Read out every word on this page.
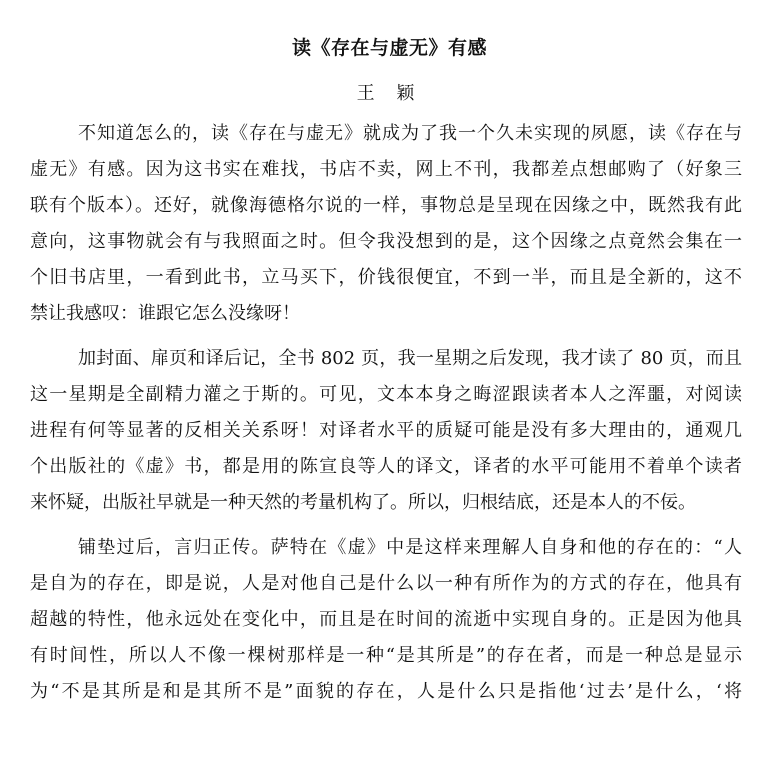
读《存在与虚无》有感
王 颖
不知道怎么的，读《存在与虚无》就成为了我一个久未实现的夙愿，读《存在与
虚无》有感。因为这书实在难找，书店不卖，网上不刊，我都差点想邮购了（好象三
联有个版本）。还好，就像海德格尔说的一样，事物总是呈现在因缘之中，既然我有此
意向，这事物就会有与我照面之时。但令我没想到的是，这个因缘之点竟然会集在一
个旧书店里，一看到此书，立马买下，价钱很便宜，不到一半，而且是全新的，这不
禁让我感叹：谁跟它怎么没缘呀！
加封面、扉页和译后记，全书 802 页，我一星期之后发现，我才读了 80 页，而且
这一星期是全副精力灌之于斯的。可见，文本本身之晦涩跟读者本人之浑噩，对阅读
进程有何等显著的反相关关系呀！对译者水平的质疑可能是没有多大理由的，通观几
个出版社的《虚》书，都是用的陈宣良等人的译文，译者的水平可能用不着单个读者
来怀疑，出版社早就是一种天然的考量机构了。所以，归根结底，还是本人的不佞。
铺垫过后，言归正传。萨特在《虚》中是这样来理解人自身和他的存在的：“人
是自为的存在，即是说，人是对他自己是什么以一种有所作为的方式的存在，他具有
超越的特性，他永远处在变化中，而且是在时间的流逝中实现自身的。正是因为他具
有时间性，所以人不像一棵树那样是一种“是其所是”的存在者，而是一种总是显示
为“不是其所是和是其所不是”面貌的存在，人是什么只是指他‘过去’是什么，‘将
